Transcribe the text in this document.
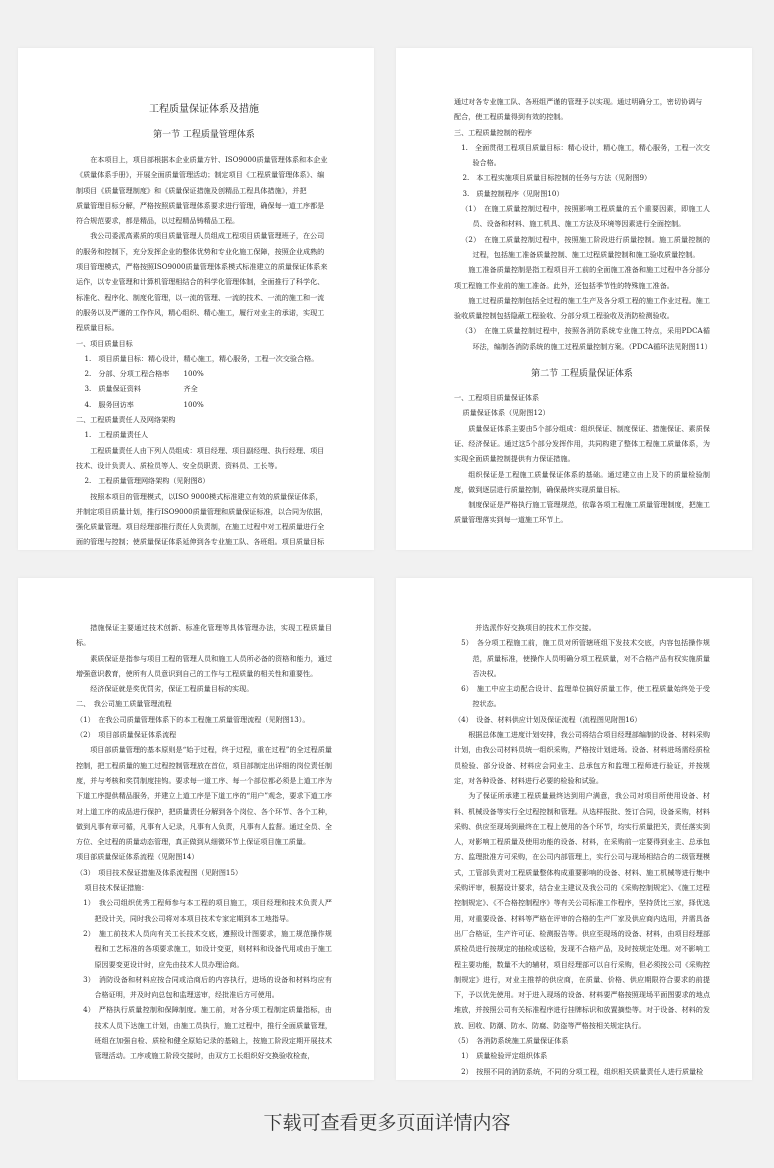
工程质量保证体系及措施
第一节 工程质量管理体系

在本项目上，项目部根据本企业质量方针、ISO9000质量管理体系和本企业

《质量体系手册》，开展全面质量管理活动；制定项目《工程质量管理体系》、编

制项目《质量管理制度》和《质量保证措施及创精品工程具体措施》，并把

质量管理目标分解，严格按照质量管理体系要求进行管理，确保每一道工序都是

符合规范要求，都是精品，以过程精品铸精品工程。

我公司委派高素质的项目质量管理人员组成工程项目质量管理班子，在公司

的服务和控制下，充分发挥企业的整体优势和专业化施工保障，按照企业成熟的

项目管理模式，严格按照ISO9000质量管理体系模式标准建立的质量保证体系来

运作，以专业管理和计算机管理相结合的科学化管理体制，全面推行了科学化、

标准化、程序化、制度化管理，以一流的管理、一流的技术、一流的施工和一流

的服务以及严谨的工作作风，精心组织、精心施工，履行对业主的承诺，实现工

程质量目标。

一、项目质量目标

1.　项目质量目标：精心设计，精心施工，精心服务，工程一次交验合格。

2.　分部、分项工程合格率　　100%

3.　质量保证资料　　　　　　齐全

4.　服务回访率　　　　　　　100%

二、工程质量责任人及网络架构

1.　工程质量责任人

工程质量责任人由下列人员组成：项目经理、项目副经理、执行经理、项目

技术、设计负责人、质检员等人、安全员职责、资料员、工长等。

2.　工程质量管理网络架构（见附图8）

按照本项目的管理模式，以ISO 9000模式标准建立有效的质量保证体系，

并制定项目质量计划，推行ISO9000质量管理和质量保证标准，以合同为依据，

强化质量管理。项目经理部推行责任人负责制，在施工过程中对工程质量进行全

面的管理与控制；使质量保证体系延伸到各专业施工队、各班组。项目质量目标

通过对各专业施工队、各班组严谨的管理予以实现。通过明确分工，密切协调与

配合，使工程质量得到有效的控制。

三、工程质量控制的程序

1.　全面贯彻工程项目质量目标：精心设计，精心施工，精心服务，工程一次交验合格。

2.　本工程实施项目质量目标控制的任务与方法（见附图9）

3.　质量控制程序（见附图10）

（1）　在施工质量控制过程中，按照影响工程质量的五个重要因素，即施工人员、设备和材料、施工机具、施工方法及环境等因素进行全面控制。

（2）　在施工质量控制过程中，按照施工阶段进行质量控制。施工质量控制的过程，包括施工准备质量控制、施工过程质量控制和施工验收质量控制。

施工准备质量控制是指工程项目开工前的全面施工准备和施工过程中各分部分项工程施工作业前的施工准备。此外，还包括季节性的特殊施工准备。

施工过程质量控制包括全过程的施工生产及各分项工程的施工作业过程。施工验收质量控制包括隐蔽工程验收、分部分项工程验收及消防检测验收。

（3）　在施工质量控制过程中，按照各消防系统专业施工特点，采用PDCA循环法，编制各消防系统的施工过程质量控制方案。（PDCA循环法见附图11）

第二节 工程质量保证体系

一、工程项目质量保证体系

质量保证体系（见附图12）

质量保证体系主要由5个部分组成：组织保证、制度保证、措施保证、素质保证、经济保证。通过这5个部分发挥作用，共同构建了整体工程施工质量体系，为实现全面质量控制提供有力保证措施。

组织保证是工程施工质量保证体系的基础。通过建立由上及下的质量检验制度，做到逐层进行质量控制，确保最终实现质量目标。

制度保证是严格执行施工管理规范，依靠各项工程施工质量管理制度，把施工质量管理落实到每一道施工环节上。

措施保证主要通过技术创新、标准化管理等具体管理办法，实现工程质量目标。

素质保证是指参与项目工程的管理人员和施工人员所必备的资格和能力，通过增强意识教育，使所有人员意识到自己的工作与工程质量的相关性和重要性。

经济保证就是奖优罚劣，保证工程质量目标的实现。

二、　我公司施工质量管理流程

（1）　在我公司质量管理体系下的本工程施工质量管理流程（见附图13）。

（2）　项目部质量保证体系流程

项目部质量管理的基本原则是“始于过程，终于过程，重在过程”的全过程质量控制，把工程质量的施工过程控制管理放在首位，项目部制定出详细的岗位责任制度，并与考核和奖罚制度挂钩。要求每一道工序、每一个部位都必须是上道工序为下道工序提供精品服务，并建立上道工序是下道工序的“用户”观念，要求下道工序对上道工序的成品进行保护，把质量责任分解到各个岗位、各个环节、各个工种，做到凡事有章可循，凡事有人记录，凡事有人负责，凡事有人监督。通过全员、全方位、全过程的质量动态管理，真正做到从细微环节上保证项目施工质量。

项目部质量保证体系流程（见附图14）

（3）　项目技术保证措施及体系流程图（见附图15）

项目技术保证措施：

1）　我公司组织优秀工程师参与本工程的项目施工，项目经理和技术负责人严把设计关，同时我公司将对本项目技术专家定期到本工地指导。

2）　施工前技术人员向有关工长技术交底，遵照设计图要求，施工规范操作规程和工艺标准的各项要求施工，如设计变更，则材料和设备代用或由于施工原因要变更设计时，应先由技术人员办理洽商。

3）　消防设备和材料应按合同或洽商后的内容执行，进场的设备和材料均应有合格证明，并及时向总包和监理送审，经批准后方可使用。

4）　严格执行质量控制和保障制度。施工前，对各分项工程制定质量指标，由技术人员下达施工计划，由施工员执行，施工过程中，推行全面质量管理，班组在加强自检、质检和健全原始记录的基础上，按施工阶段定期开展技术管理活动。工序或施工阶段交接时，由双方工长组织好交换验收检查，

　　并选派作好交换项目的技术工作交接。

5）　各分项工程施工前，施工员对所管辖班组下发技术交底，内容包括操作规范，质量标准，使操作人员明确分项工程质量，对不合格产品有权实施质量否决权。

6）　施工中应主动配合设计、监理单位搞好质量工作，使工程质量始终处于受控状态。

（4）　设备、材料供应计划及保证流程（流程图见附图16）

根据总体施工进度计划安排，我公司将结合项目经理部编制的设备、材料采购计划，由我公司材料员统一组织采购，严格按计划进场。设备、材料进场需经质检员检验、部分设备、材料应会同业主、总承包方和监理工程师进行验证，并按规定，对各种设备、材料进行必要的检验和试验。

为了保证所承建工程质量最终达到用户满意，我公司对项目所使用设备、材料、机械设备等实行全过程控制和管理。从选样报批、签订合同，设备采购，材料采购、供应至现场到最终在工程上使用的各个环节，均实行质量把关，责任落实到人，对影响工程质量及使用功能的设备、材料，在采购前一定要得到业主、总承包方、监理批准方可采购，在公司内部管理上，实行公司与现场相结合的二级管理模式，工管部负责对工程质量整体构成重要影响的设备、材料、施工机械等进行集中采购评审，根据设计要求，结合业主建议及我公司的《采购控制规定》、《施工过程控制规定》、《不合格控制程序》等有关公司标准工作程序，坚持货比三家，择优选用，对重要设备、材料等严格在评审的合格的生产厂家及供应商内选用，并需具备出厂合格证，生产许可证、检测报告等。供应至现场的设备、材料，由项目经理部质检员进行按规定的抽检或送检，发现不合格产品，及时按规定处理。对不影响工程主要功能，数量不大的辅材，项目经理部可以自行采购，但必须按公司《采购控制规定》进行，对业主推荐的供应商，在质量、价格、供应期限符合要求的前提下，予以优先使用。对于进入现场的设备、材料要严格按照现场平面图要求的地点堆放，并按照公司有关标准程序进行挂牌标识和放置摘垫等。对于设备、材料的发放、回收、防潮、防水、防腐、防盗等严格按相关规定执行。

（5）　各消防系统施工质量保证体系

1）　质量检验评定组织体系

2）　按照不同的消防系统，不同的分项工程，组织相关质量责任人进行质量检

下载可查看更多页面详情内容
